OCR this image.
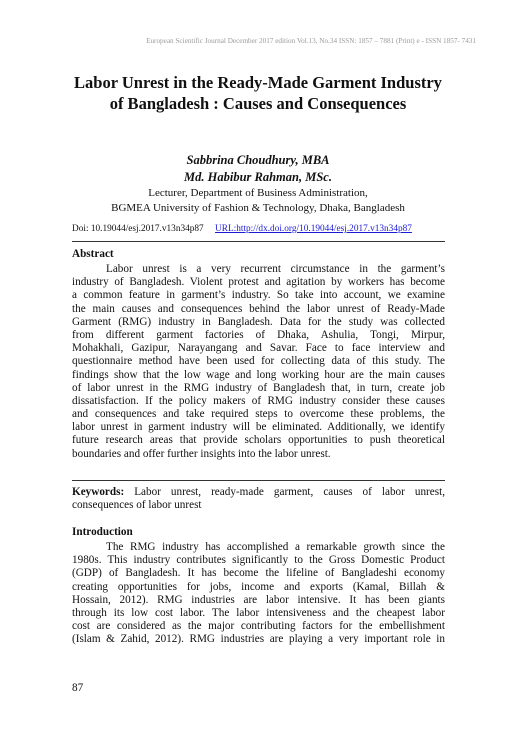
European Scientific Journal December 2017 edition Vol.13, No.34 ISSN: 1857 – 7881 (Print) e - ISSN 1857- 7431
Labor Unrest in the Ready-Made Garment Industry
of Bangladesh : Causes and Consequences
Sabbrina Choudhury, MBA
Md. Habibur Rahman, MSc.
Lecturer, Department of Business Administration,
BGMEA University of Fashion & Technology, Dhaka, Bangladesh
Doi: 10.19044/esj.2017.v13n34p87 URL:http://dx.doi.org/10.19044/esj.2017.v13n34p87
Abstract
Labor unrest is a very recurrent circumstance in the garment’s
industry of Bangladesh. Violent protest and agitation by workers has become
a common feature in garment’s industry. So take into account, we examine
the main causes and consequences behind the labor unrest of Ready-Made
Garment (RMG) industry in Bangladesh. Data for the study was collected
from different garment factories of Dhaka, Ashulia, Tongi, Mirpur,
Mohakhali, Gazipur, Narayangang and Savar. Face to face interview and
questionnaire method have been used for collecting data of this study. The
findings show that the low wage and long working hour are the main causes
of labor unrest in the RMG industry of Bangladesh that, in turn, create job
dissatisfaction. If the policy makers of RMG industry consider these causes
and consequences and take required steps to overcome these problems, the
labor unrest in garment industry will be eliminated. Additionally, we identify
future research areas that provide scholars opportunities to push theoretical
boundaries and offer further insights into the labor unrest.
Keywords: Labor unrest, ready-made garment, causes of labor unrest,
consequences of labor unrest
Introduction
The RMG industry has accomplished a remarkable growth since the
1980s. This industry contributes significantly to the Gross Domestic Product
(GDP) of Bangladesh. It has become the lifeline of Bangladeshi economy
creating opportunities for jobs, income and exports (Kamal, Billah &
Hossain, 2012). RMG industries are labor intensive. It has been giants
through its low cost labor. The labor intensiveness and the cheapest labor
cost are considered as the major contributing factors for the embellishment
(Islam & Zahid, 2012). RMG industries are playing a very important role in
87
